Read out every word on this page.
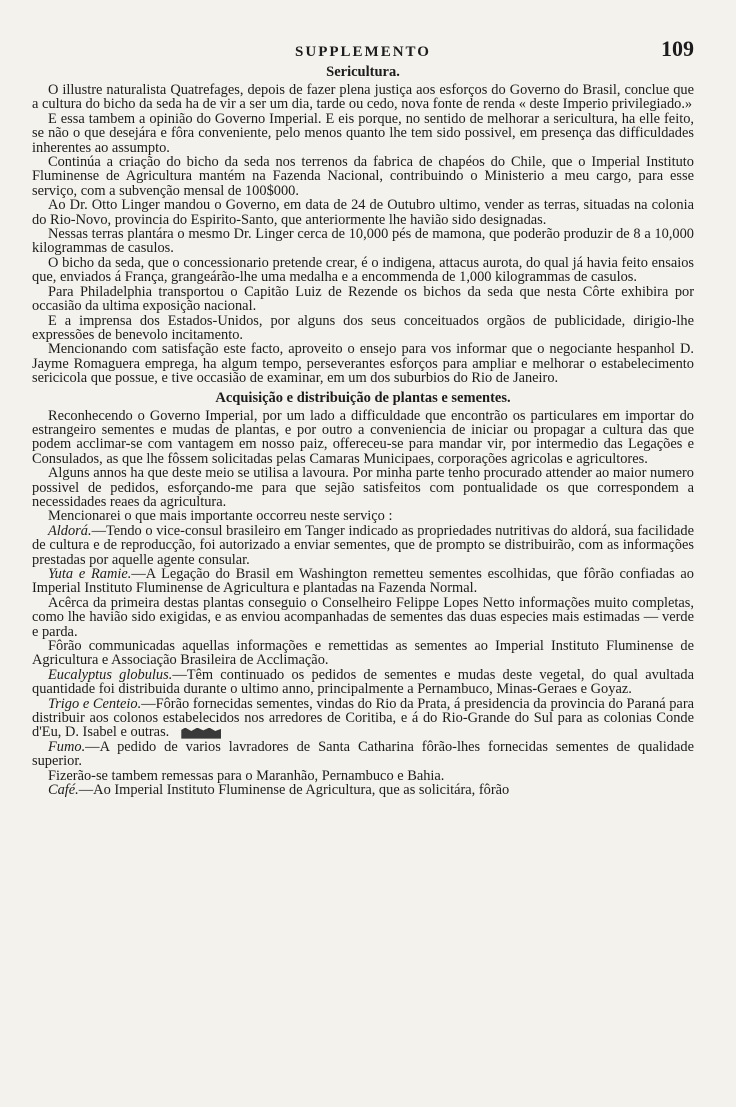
SUPPLEMENTO	109
Sericultura.

O illustre naturalista Quatrefages, depois de fazer plena justiça aos esforços do Governo do Brasil, conclue que a cultura do bicho da seda ha de vir a ser um dia, tarde ou cedo, nova fonte de renda « deste Imperio privilegiado.»

E essa tambem a opinião do Governo Imperial. E eis porque, no sentido de melhorar a sericultura, ha elle feito, se não o que desejára e fôra conveniente, pelo menos quanto lhe tem sido possivel, em presença das difficuldades inherentes ao assumpto.

Continúa a criação do bicho da seda nos terrenos da fabrica de chapéos do Chile, que o Imperial Instituto Fluminense de Agricultura mantém na Fazenda Nacional, contribuindo o Ministerio a meu cargo, para esse serviço, com a subvenção mensal de 100$000.

Ao Dr. Otto Linger mandou o Governo, em data de 24 de Outubro ultimo, vender as terras, situadas na colonia do Rio-Novo, provincia do Espirito-Santo, que anteriormente lhe havião sido designadas.

Nessas terras plantára o mesmo Dr. Linger cerca de 10,000 pés de mamona, que poderão produzir de 8 a 10,000 kilogrammas de casulos.

O bicho da seda, que o concessionario pretende crear, é o indigena, attacus aurota, do qual já havia feito ensaios que, enviados á França, grangeárão-lhe uma medalha e a encommenda de 1,000 kilogrammas de casulos.

Para Philadelphia transportou o Capitão Luiz de Rezende os bichos da seda que nesta Côrte exhibira por occasião da ultima exposição nacional.

E a imprensa dos Estados-Unidos, por alguns dos seus conceituados orgãos de publicidade, dirigio-lhe expressões de benevolo incitamento.

Mencionando com satisfação este facto, aproveito o ensejo para vos informar que o negociante hespanhol D. Jayme Romaguera emprega, ha algum tempo, perseverantes esforços para ampliar e melhorar o estabelecimento sericicola que possue, e tive occasião de examinar, em um dos suburbios do Rio de Janeiro.

Acquisição e distribuição de plantas e sementes.

Reconhecendo o Governo Imperial, por um lado a difficuldade que encontrão os particulares em importar do estrangeiro sementes e mudas de plantas, e por outro a conveniencia de iniciar ou propagar a cultura das que podem acclimar-se com vantagem em nosso paiz, offereceu-se para mandar vir, por intermedio das Legações e Consulados, as que lhe fôssem solicitadas pelas Camaras Municipaes, corporações agricolas e agricultores.

Alguns annos ha que deste meio se utilisa a lavoura. Por minha parte tenho procurado attender ao maior numero possivel de pedidos, esforçando-me para que sejão satisfeitos com pontualidade os que correspondem a necessidades reaes da agricultura.

Mencionarei o que mais importante occorreu neste serviço :

Aldorá.—Tendo o vice-consul brasileiro em Tanger indicado as propriedades nutritivas do aldorá, sua facilidade de cultura e de reproducção, foi autorizado a enviar sementes, que de prompto se distribuirão, com as informações prestadas por aquelle agente consular.

Yuta e Ramie.—A Legação do Brasil em Washington remetteu sementes escolhidas, que fôrão confiadas ao Imperial Instituto Fluminense de Agricultura e plantadas na Fazenda Normal.

Acêrca da primeira destas plantas conseguio o Conselheiro Felippe Lopes Netto informações muito completas, como lhe havião sido exigidas, e as enviou acompanhadas de sementes das duas especies mais estimadas — verde e parda.

Fôrão communicadas aquellas informações e remettidas as sementes ao Imperial Instituto Fluminense de Agricultura e Associação Brasileira de Acclimação.

Eucalyptus globulus.—Têm continuado os pedidos de sementes e mudas deste vegetal, do qual avultada quantidade foi distribuida durante o ultimo anno, principalmente a Pernambuco, Minas-Geraes e Goyaz.

Trigo e Centeio.—Fôrão fornecidas sementes, vindas do Rio da Prata, á presidencia da provincia do Paraná para distribuir aos colonos estabelecidos nos arredores de Coritiba, e á do Rio-Grande do Sul para as colonias Conde d'Eu, D. Isabel e outras.

Fumo.—A pedido de varios lavradores de Santa Catharina fôrão-lhes fornecidas sementes de qualidade superior.

Fizerão-se tambem remessas para o Maranhão, Pernambuco e Bahia.

Café.—Ao Imperial Instituto Fluminense de Agricultura, que as solicitára, fôrão
